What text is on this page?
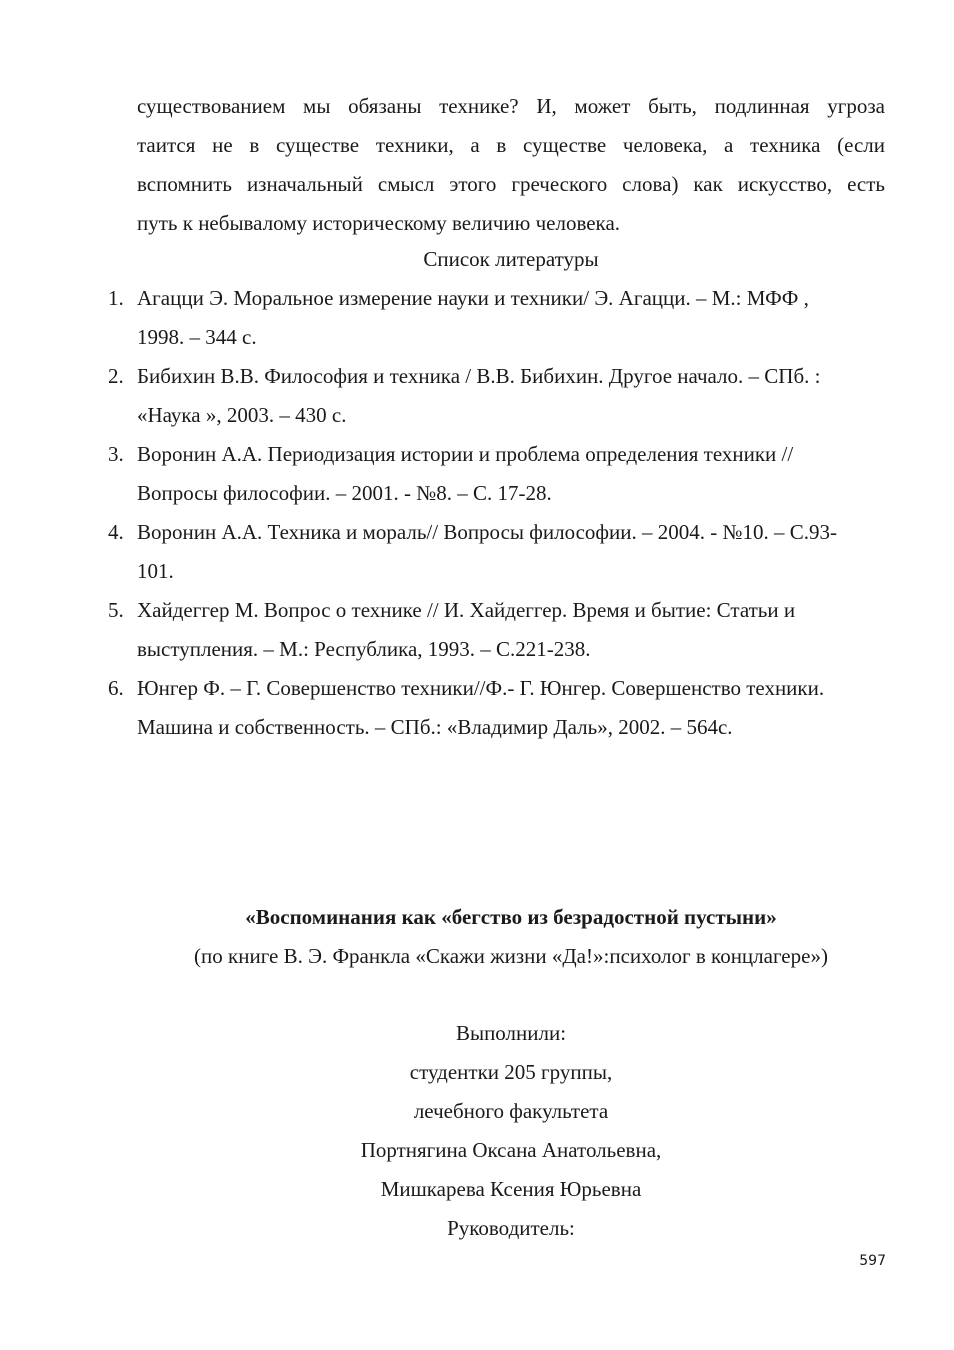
существованием мы обязаны технике? И, может быть, подлинная угроза
таится не в существе техники, а в существе человека, а техника (если
вспомнить изначальный смысл этого греческого слова) как искусство, есть
путь к небывалому историческому величию человека.
Список литературы
1. Агацци Э. Моральное измерение науки и техники/ Э. Агацци. – М.: МФФ ,
1998. – 344 с.
2. Бибихин В.В. Философия и техника / В.В. Бибихин. Другое начало. – СПб. :
«Наука », 2003. – 430 с.
3. Воронин А.А. Периодизация истории и проблема определения техники //
Вопросы философии. – 2001. - №8. – С. 17-28.
4. Воронин А.А. Техника и мораль// Вопросы философии. – 2004. - №10. – С.93-
101.
5. Хайдеггер М. Вопрос о технике // И. Хайдеггер. Время и бытие: Статьи и
выступления. – М.: Республика, 1993. – С.221-238.
6. Юнгер Ф. – Г. Совершенство техники//Ф.- Г. Юнгер. Совершенство техники.
Машина и собственность. – СПб.: «Владимир Даль», 2002. – 564с.
«Воспоминания как «бегство из безрадостной пустыни»
(по книге В. Э. Франкла «Скажи жизни «Да!»:психолог в концлагере»)
Выполнили:
студентки 205 группы,
лечебного факультета
Портнягина Оксана Анатольевна,
Мишкарева Ксения Юрьевна
Руководитель:
597
